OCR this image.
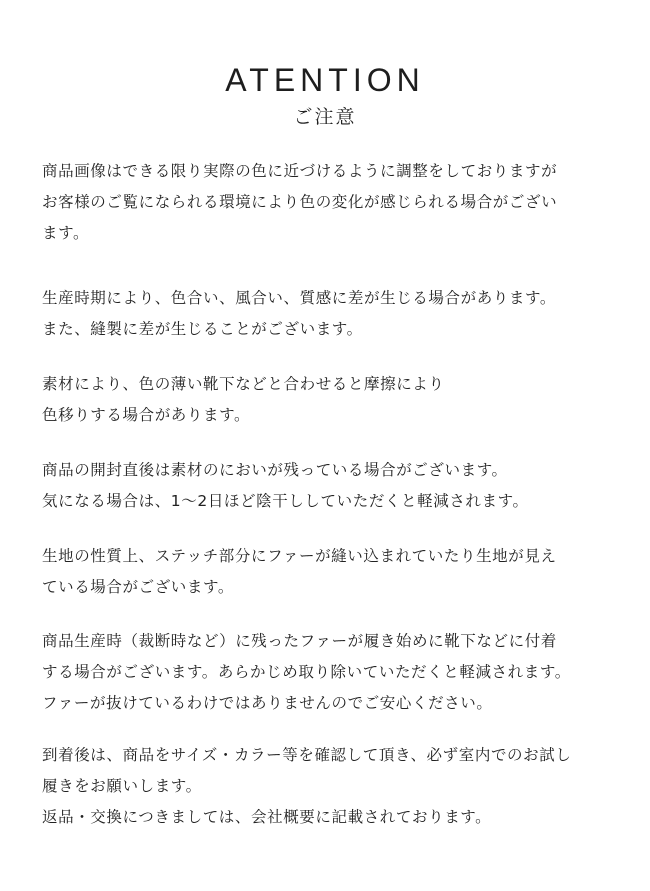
ATENTION
ご注意

商品画像はできる限り実際の色に近づけるように調整をしておりますが
お客様のご覧になられる環境により色の変化が感じられる場合がござい
ます。

生産時期により、色合い、風合い、質感に差が生じる場合があります。
また、縫製に差が生じることがございます。

素材により、色の薄い靴下などと合わせると摩擦により
色移りする場合があります。

商品の開封直後は素材のにおいが残っている場合がございます。
気になる場合は、1〜2日ほど陰干ししていただくと軽減されます。

生地の性質上、ステッチ部分にファーが縫い込まれていたり生地が見え
ている場合がございます。

商品生産時（裁断時など）に残ったファーが履き始めに靴下などに付着
する場合がございます。あらかじめ取り除いていただくと軽減されます。
ファーが抜けているわけではありませんのでご安心ください。

到着後は、商品をサイズ・カラー等を確認して頂き、必ず室内でのお試し
履きをお願いします。
返品・交換につきましては、会社概要に記載されております。
